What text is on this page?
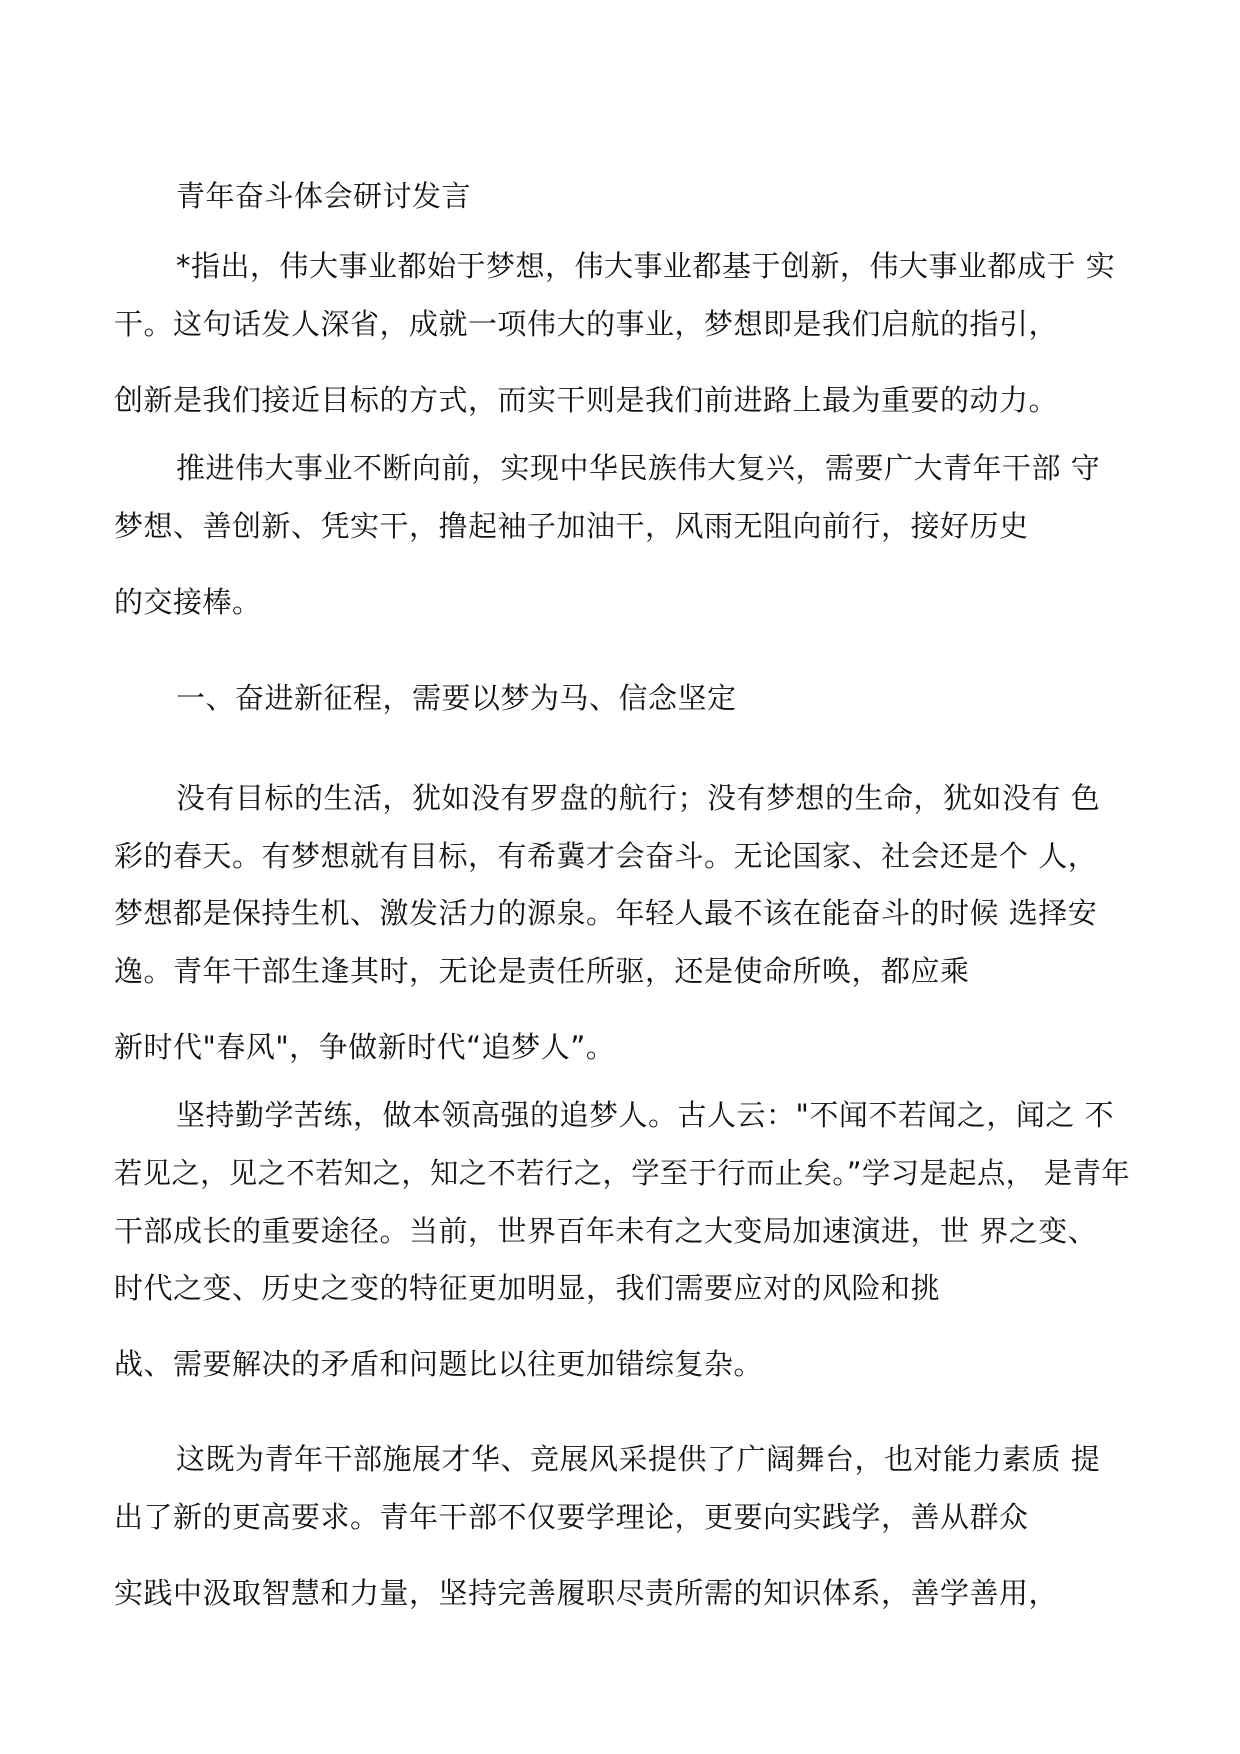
青年奋斗体会研讨发言
*指出，伟大事业都始于梦想，伟大事业都基于创新，伟大事业都成于 实
干。这句话发人深省，成就一项伟大的事业，梦想即是我们启航的指引，
创新是我们接近目标的方式，而实干则是我们前进路上最为重要的动力。
推进伟大事业不断向前，实现中华民族伟大复兴，需要广大青年干部 守
梦想、善创新、凭实干，撸起袖子加油干，风雨无阻向前行，接好历史
的交接棒。
一、奋进新征程，需要以梦为马、信念坚定
没有目标的生活，犹如没有罗盘的航行；没有梦想的生命，犹如没有 色
彩的春天。有梦想就有目标，有希冀才会奋斗。无论国家、社会还是个 人，
梦想都是保持生机、激发活力的源泉。年轻人最不该在能奋斗的时候 选择安
逸。青年干部生逢其时，无论是责任所驱，还是使命所唤，都应乘
新时代"春风"，争做新时代“追梦人”。
坚持勤学苦练，做本领高强的追梦人。古人云："不闻不若闻之，闻之 不
若见之，见之不若知之，知之不若行之，学至于行而止矣。”学习是起点， 是青年
干部成长的重要途径。当前，世界百年未有之大变局加速演进，世 界之变、
时代之变、历史之变的特征更加明显，我们需要应对的风险和挑
战、需要解决的矛盾和问题比以往更加错综复杂。
这既为青年干部施展才华、竞展风采提供了广阔舞台，也对能力素质 提
出了新的更高要求。青年干部不仅要学理论，更要向实践学，善从群众
实践中汲取智慧和力量，坚持完善履职尽责所需的知识体系，善学善用，
